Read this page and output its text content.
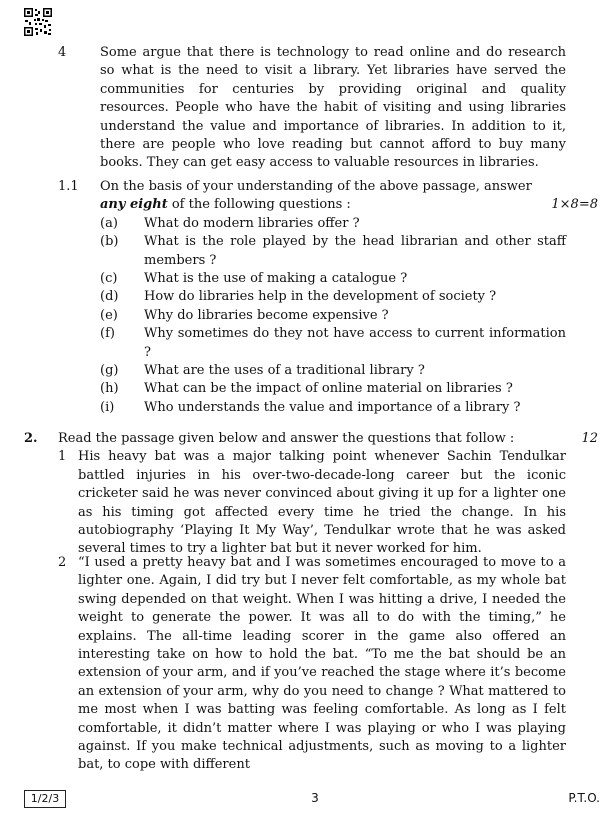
4	Some argue that there is technology to read online and do research so what is the need to visit a library. Yet libraries have served the communities for centuries by providing original and quality resources. People who have the habit of visiting and using libraries understand the value and importance of libraries. In addition to it, there are people who love reading but cannot afford to buy many books. They can get easy access to valuable resources in libraries.
1.1 On the basis of your understanding of the above passage, answer
any eight of the following questions :	1×8=8
(a) What do modern libraries offer ?
(b) What is the role played by the head librarian and other staff members ?
(c) What is the use of making a catalogue ?
(d) How do libraries help in the development of society ?
(e) Why do libraries become expensive ?
(f) Why sometimes do they not have access to current information ?
(g) What are the uses of a traditional library ?
(h) What can be the impact of online material on libraries ?
(i) Who understands the value and importance of a library ?
2. Read the passage given below and answer the questions that follow :	12
1 His heavy bat was a major talking point whenever Sachin Tendulkar battled injuries in his over-two-decade-long career but the iconic cricketer said he was never convinced about giving it up for a lighter one as his timing got affected every time he tried the change. In his autobiography ‘Playing It My Way’, Tendulkar wrote that he was asked several times to try a lighter bat but it never worked for him.
2 “I used a pretty heavy bat and I was sometimes encouraged to move to a lighter one. Again, I did try but I never felt comfortable, as my whole bat swing depended on that weight. When I was hitting a drive, I needed the weight to generate the power. It was all to do with the timing,” he explains. The all-time leading scorer in the game also offered an interesting take on how to hold the bat. “To me the bat should be an extension of your arm, and if you’ve reached the stage where it’s become an extension of your arm, why do you need to change ? What mattered to me most when I was batting was feeling comfortable. As long as I felt comfortable, it didn’t matter where I was playing or who I was playing against. If you make technical adjustments, such as moving to a lighter bat, to cope with different
1/2/3	3	P.T.O.
